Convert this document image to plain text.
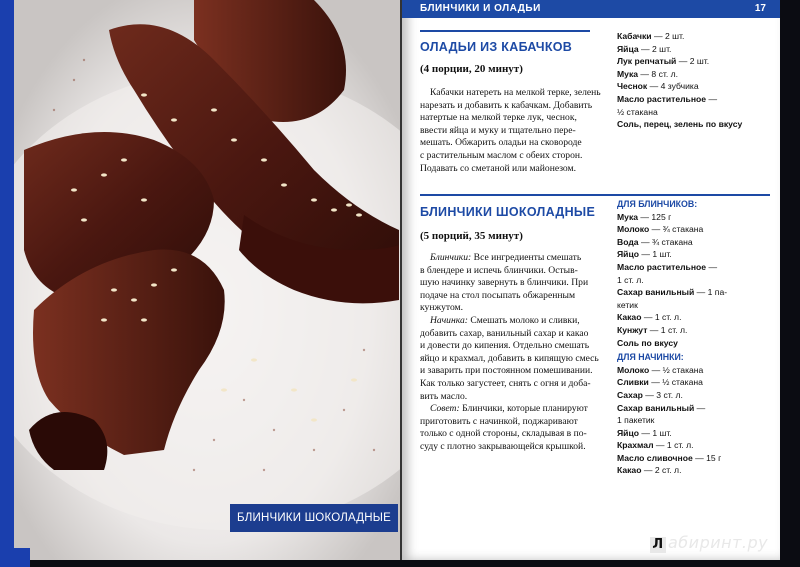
БЛИНЧИКИ ШОКОЛАДНЫЕ
БЛИНЧИКИ И ОЛАДЬИ	17
ОЛАДЬИ ИЗ КАБАЧКОВ
(4 порции, 20 минут)

Кабачки натереть на мелкой терке, зелень

нарезать и добавить к кабачкам. Добавить

натертые на мелкой терке лук, чеснок,

ввести яйца и муку и тщательно пере-

мешать. Обжарить оладьи на сковороде

с растительным маслом с обеих сторон.

Подавать со сметаной или майонезом.

Кабачки — 2 шт.
Яйца — 2 шт.
Лук репчатый — 2 шт.
Мука — 8 ст. л.
Чеснок — 4 зубчика
Масло растительное —
½ стакана
Соль, перец, зелень по вкусу
БЛИНЧИКИ ШОКОЛАДНЫЕ
(5 порций, 35 минут)

Блинчики: Все ингредиенты смешать

в блендере и испечь блинчики. Остыв-

шую начинку завернуть в блинчики. При

подаче на стол посыпать обжаренным

кунжутом.

Начинка: Смешать молоко и сливки,

добавить сахар, ванильный сахар и какао

и довести до кипения. Отдельно смешать

яйцо и крахмал, добавить в кипящую смесь

и заварить при постоянном помешивании.

Как только загустеет, снять с огня и доба-

вить масло.

Совет: Блинчики, которые планируют

приготовить с начинкой, поджаривают

только с одной стороны, складывая в по-

суду с плотно закрывающейся крышкой.

ДЛЯ БЛИНЧИКОВ:
Мука — 125 г
Молоко — ¾ стакана
Вода — ¾ стакана
Яйцо — 1 шт.
Масло растительное —
1 ст. л.
Сахар ванильный — 1 па-
кетик
Какао — 1 ст. л.
Кунжут — 1 ст. л.
Соль по вкусу
ДЛЯ НАЧИНКИ:
Молоко — ½ стакана
Сливки — ½ стакана
Сахар — 3 ст. л.
Сахар ванильный —
1 пакетик
Яйцо — 1 шт.
Крахмал — 1 ст. л.
Масло сливочное — 15 г
Какао — 2 ст. л.
Л абиринт.ру
